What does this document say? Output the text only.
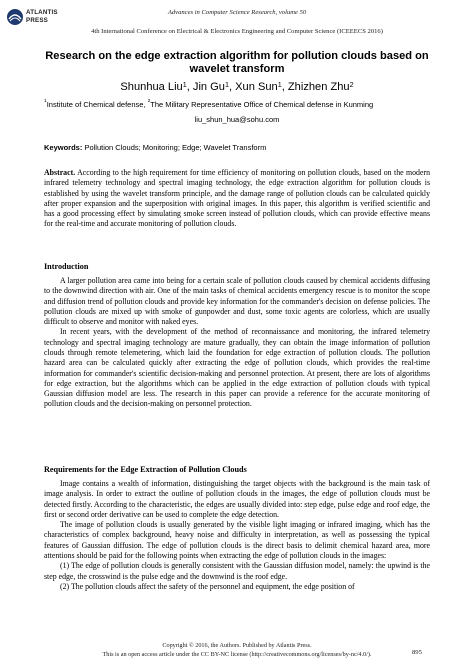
ATLANTIS
PRESS
Advances in Computer Science Research, volume 50
4th International Conference on Electrical & Electronics Engineering and Computer Science (ICEEECS 2016)
Research on the edge extraction algorithm for pollution clouds based on
wavelet transform
Shunhua Liu$^1$, Jin Gu$^1$, Xun Sun$^1$, Zhizhen Zhu$^2$
$^1$Institute of Chemical defense, $^2$The Military Representative Office of Chemical defense in Kunming
liu_shun_hua@sohu.com
Keywords: Pollution Clouds; Monitoring; Edge; Wavelet Transform

Abstract. According to the high requirement for time efficiency of monitoring on pollution clouds, based on the modern infrared telemetry technology and spectral imaging technology, the edge extraction algorithm for pollution clouds is established by using the wavelet transform principle, and the damage range of pollution clouds can be calculated quickly after proper expansion and the superposition with original images. In this paper, this algorithm is verified scientific and has a good processing effect by simulating smoke screen instead of pollution clouds, which can provide effective means for the real-time and accurate monitoring of pollution clouds.

Introduction

A larger pollution area came into being for a certain scale of pollution clouds caused by chemical accidents diffusing to the downwind direction with air. One of the main tasks of chemical accidents emergency rescue is to monitor the scope and diffusion trend of pollution clouds and provide key information for the commander's decision on defense policies. The pollution clouds are mixed up with smoke of gunpowder and dust, some toxic agents are colorless, which are usually difficult to observe and monitor with naked eyes.

In recent years, with the development of the method of reconnaissance and monitoring, the infrared telemetry technology and spectral imaging technology are mature gradually, they can obtain the image information of pollution clouds through remote telemetering, which laid the foundation for edge extraction of pollution clouds. The pollution hazard area can be calculated quickly after extracting the edge of pollution clouds, which provides the real-time information for commander's scientific decision-making and personnel protection. At present, there are lots of algorithms for edge extraction, but the algorithms which can be applied in the edge extraction of pollution clouds with typical Gaussian diffusion model are less. The research in this paper can provide a reference for the accurate monitoring of pollution clouds and the decision-making on personnel protection.

Requirements for the Edge Extraction of Pollution Clouds

Image contains a wealth of information, distinguishing the target objects with the background is the main task of image analysis. In order to extract the outline of pollution clouds in the images, the edge of pollution clouds must be detected firstly. According to the characteristic, the edges are usually divided into: step edge, pulse edge and roof edge, the first or second order derivative can be used to complete the edge detection.

The image of pollution clouds is usually generated by the visible light imaging or infrared imaging, which has the characteristics of complex background, heavy noise and difficulty in interpretation, as well as possessing the typical features of Gaussian diffusion. The edge of pollution clouds is the direct basis to delimit chemical hazard area, more attentions should be paid for the following points when extracting the edge of pollution clouds in the images:

(1) The edge of pollution clouds is generally consistent with the Gaussian diffusion model, namely: the upwind is the step edge, the crosswind is the pulse edge and the downwind is the roof edge.

(2) The pollution clouds affect the safety of the personnel and equipment, the edge position of

Copyright © 2016, the Authors. Published by Atlantis Press.
This is an open access article under the CC BY-NC license (http://creativecommons.org/licenses/by-nc/4.0/).	895
